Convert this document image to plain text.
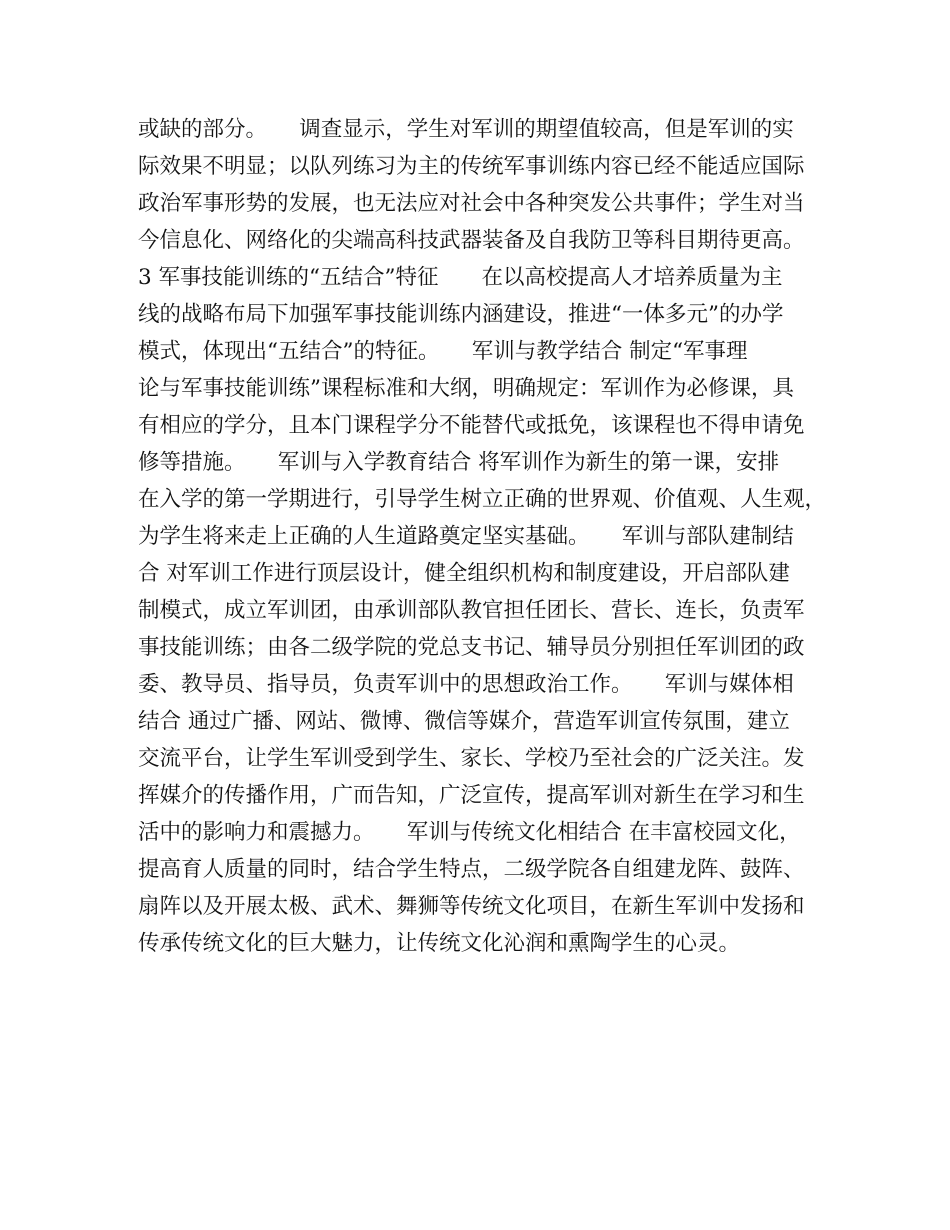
或缺的部分。　　调查显示，学生对军训的期望值较高，但是军训的实
际效果不明显；以队列练习为主的传统军事训练内容已经不能适应国际
政治军事形势的发展，也无法应对社会中各种突发公共事件；学生对当
今信息化、网络化的尖端高科技武器装备及自我防卫等科目期待更高。
3 军事技能训练的“五结合”特征　　在以高校提高人才培养质量为主
线的战略布局下加强军事技能训练内涵建设，推进“一体多元”的办学
模式，体现出“五结合”的特征。　　军训与教学结合 制定“军事理
论与军事技能训练”课程标准和大纲，明确规定：军训作为必修课，具
有相应的学分，且本门课程学分不能替代或抵免，该课程也不得申请免
修等措施。　　军训与入学教育结合 将军训作为新生的第一课，安排
在入学的第一学期进行，引导学生树立正确的世界观、价值观、人生观，
为学生将来走上正确的人生道路奠定坚实基础。　　军训与部队建制结
合 对军训工作进行顶层设计，健全组织机构和制度建设，开启部队建
制模式，成立军训团，由承训部队教官担任团长、营长、连长，负责军
事技能训练；由各二级学院的党总支书记、辅导员分别担任军训团的政
委、教导员、指导员，负责军训中的思想政治工作。　　军训与媒体相
结合 通过广播、网站、微博、微信等媒介，营造军训宣传氛围，建立
交流平台，让学生军训受到学生、家长、学校乃至社会的广泛关注。发
挥媒介的传播作用，广而告知，广泛宣传，提高军训对新生在学习和生
活中的影响力和震撼力。　　军训与传统文化相结合 在丰富校园文化，
提高育人质量的同时，结合学生特点，二级学院各自组建龙阵、鼓阵、
扇阵以及开展太极、武术、舞狮等传统文化项目，在新生军训中发扬和
传承传统文化的巨大魅力，让传统文化沁润和熏陶学生的心灵。
